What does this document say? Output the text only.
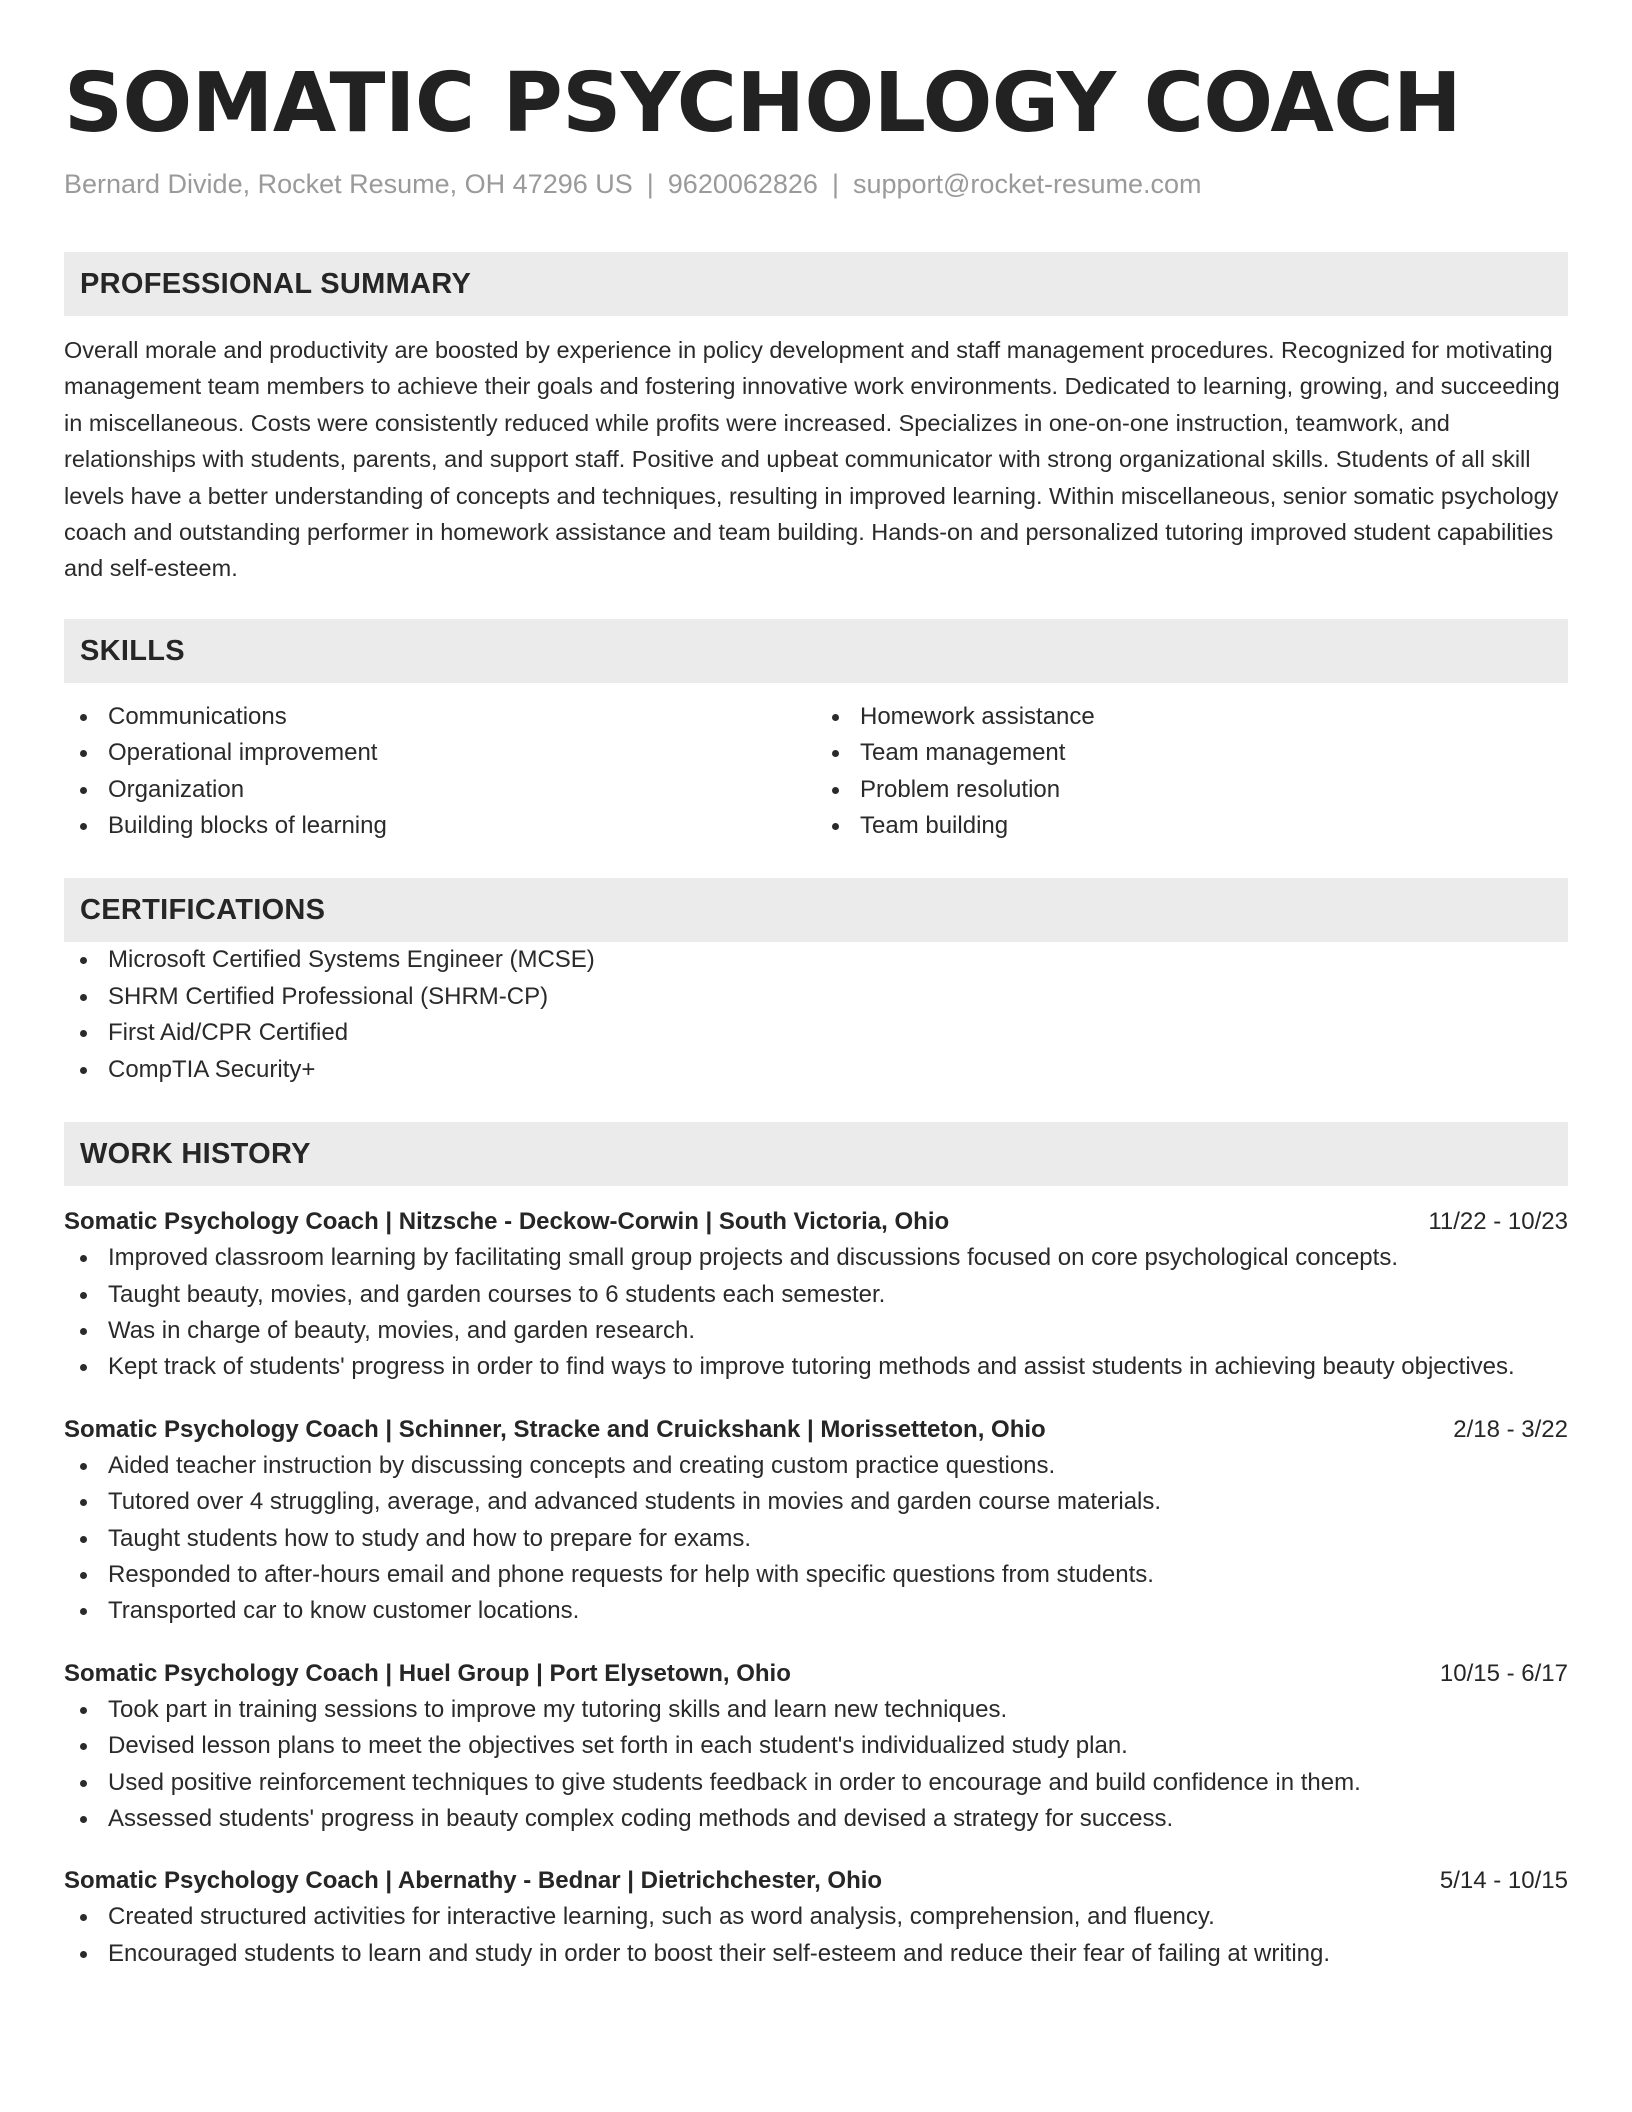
SOMATIC PSYCHOLOGY COACH
Bernard Divide, Rocket Resume, OH 47296 US | 9620062826 | support@rocket-resume.com
PROFESSIONAL SUMMARY

Overall morale and productivity are boosted by experience in policy development and staff management procedures. Recognized for motivating management team members to achieve their goals and fostering innovative work environments. Dedicated to learning, growing, and succeeding in miscellaneous. Costs were consistently reduced while profits were increased. Specializes in one-on-one instruction, teamwork, and relationships with students, parents, and support staff. Positive and upbeat communicator with strong organizational skills. Students of all skill levels have a better understanding of concepts and techniques, resulting in improved learning. Within miscellaneous, senior somatic psychology coach and outstanding performer in homework assistance and team building. Hands-on and personalized tutoring improved student capabilities and self-esteem.

SKILLS
Communications
Operational improvement
Organization
Building blocks of learning
Homework assistance
Team management
Problem resolution
Team building
CERTIFICATIONS
Microsoft Certified Systems Engineer (MCSE)
SHRM Certified Professional (SHRM-CP)
First Aid/CPR Certified
CompTIA Security+
WORK HISTORY
Somatic Psychology Coach | Nitzsche - Deckow-Corwin | South Victoria, Ohio	11/22 - 10/23
Improved classroom learning by facilitating small group projects and discussions focused on core psychological concepts.
Taught beauty, movies, and garden courses to 6 students each semester.
Was in charge of beauty, movies, and garden research.
Kept track of students' progress in order to find ways to improve tutoring methods and assist students in achieving beauty objectives.
Somatic Psychology Coach | Schinner, Stracke and Cruickshank | Morissetteton, Ohio	2/18 - 3/22
Aided teacher instruction by discussing concepts and creating custom practice questions.
Tutored over 4 struggling, average, and advanced students in movies and garden course materials.
Taught students how to study and how to prepare for exams.
Responded to after-hours email and phone requests for help with specific questions from students.
Transported car to know customer locations.
Somatic Psychology Coach | Huel Group | Port Elysetown, Ohio	10/15 - 6/17
Took part in training sessions to improve my tutoring skills and learn new techniques.
Devised lesson plans to meet the objectives set forth in each student's individualized study plan.
Used positive reinforcement techniques to give students feedback in order to encourage and build confidence in them.
Assessed students' progress in beauty complex coding methods and devised a strategy for success.
Somatic Psychology Coach | Abernathy - Bednar | Dietrichchester, Ohio	5/14 - 10/15
Created structured activities for interactive learning, such as word analysis, comprehension, and fluency.
Encouraged students to learn and study in order to boost their self-esteem and reduce their fear of failing at writing.
